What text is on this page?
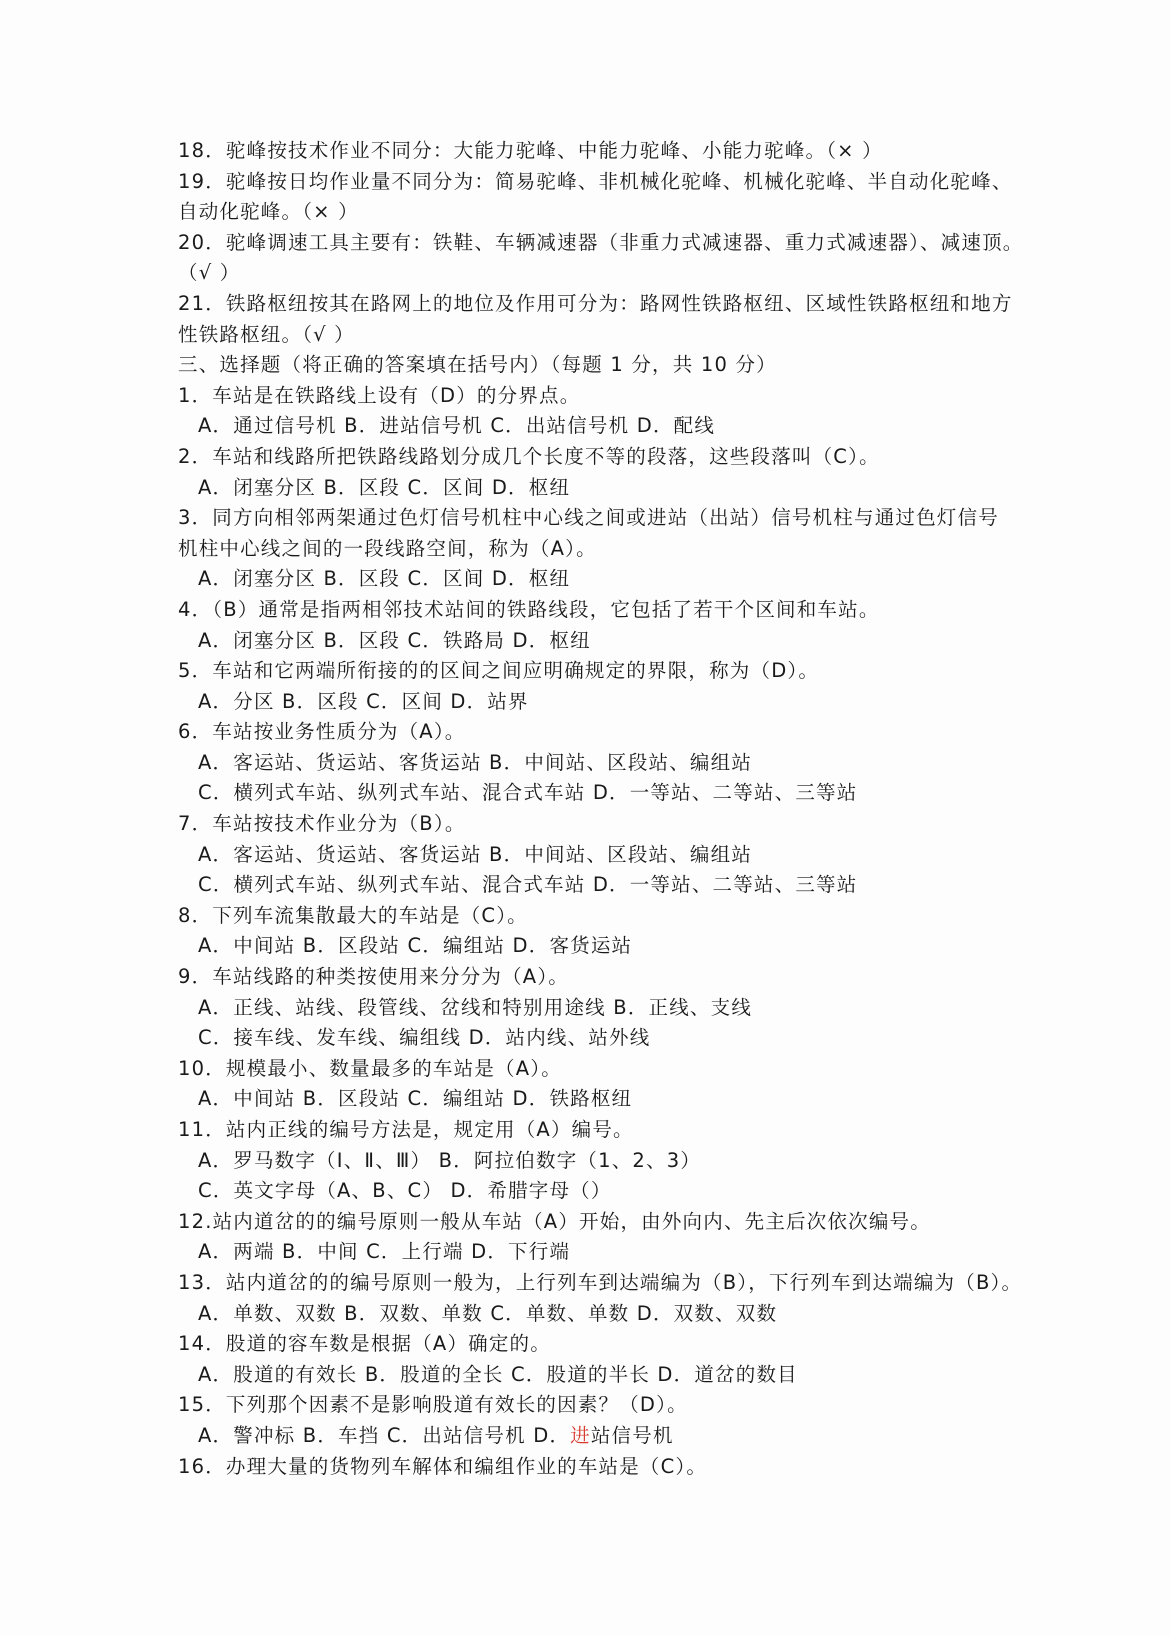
18．驼峰按技术作业不同分：大能力驼峰、中能力驼峰、小能力驼峰。（× ）
19．驼峰按日均作业量不同分为：简易驼峰、非机械化驼峰、机械化驼峰、半自动化驼峰、
自动化驼峰。（× ）
20．驼峰调速工具主要有：铁鞋、车辆减速器（非重力式减速器、重力式减速器）、减速顶。
（√ ）
21．铁路枢纽按其在路网上的地位及作用可分为：路网性铁路枢纽、区域性铁路枢纽和地方
性铁路枢纽。（√ ）
三、选择题（将正确的答案填在括号内）（每题 1 分，共 10 分）
1．车站是在铁路线上设有（D）的分界点。
A．通过信号机 B．进站信号机 C．出站信号机 D．配线
2．车站和线路所把铁路线路划分成几个长度不等的段落，这些段落叫（C）。
A．闭塞分区 B．区段 C．区间 D．枢纽
3．同方向相邻两架通过色灯信号机柱中心线之间或进站（出站）信号机柱与通过色灯信号
机柱中心线之间的一段线路空间，称为（A）。
A．闭塞分区 B．区段 C．区间 D．枢纽
4．（B）通常是指两相邻技术站间的铁路线段，它包括了若干个区间和车站。
A．闭塞分区 B．区段 C．铁路局 D．枢纽
5．车站和它两端所衔接的的区间之间应明确规定的界限，称为（D）。
A．分区 B．区段 C．区间 D．站界
6．车站按业务性质分为（A）。
A．客运站、货运站、客货运站 B．中间站、区段站、编组站
C．横列式车站、纵列式车站、混合式车站 D．一等站、二等站、三等站
7．车站按技术作业分为（B）。
A．客运站、货运站、客货运站 B．中间站、区段站、编组站
C．横列式车站、纵列式车站、混合式车站 D．一等站、二等站、三等站
8．下列车流集散最大的车站是（C）。
A．中间站 B．区段站 C．编组站 D．客货运站
9．车站线路的种类按使用来分分为（A）。
A．正线、站线、段管线、岔线和特别用途线 B．正线、支线
C．接车线、发车线、编组线 D．站内线、站外线
10．规模最小、数量最多的车站是（A）。
A．中间站 B．区段站 C．编组站 D．铁路枢纽
11．站内正线的编号方法是，规定用（A）编号。
A．罗马数字（Ⅰ、Ⅱ、Ⅲ） B．阿拉伯数字（1、2、3）
C．英文字母（A、B、C） D．希腊字母（）
12.站内道岔的的编号原则一般从车站（A）开始，由外向内、先主后次依次编号。
A．两端 B．中间 C．上行端 D．下行端
13．站内道岔的的编号原则一般为，上行列车到达端编为（B），下行列车到达端编为（B）。
A．单数、双数 B．双数、单数 C．单数、单数 D．双数、双数
14．股道的容车数是根据（A）确定的。
A．股道的有效长 B．股道的全长 C．股道的半长 D．道岔的数目
15．下列那个因素不是影响股道有效长的因素？（D）。
A．警冲标 B．车挡 C．出站信号机 D．进站信号机
16．办理大量的货物列车解体和编组作业的车站是（C）。
